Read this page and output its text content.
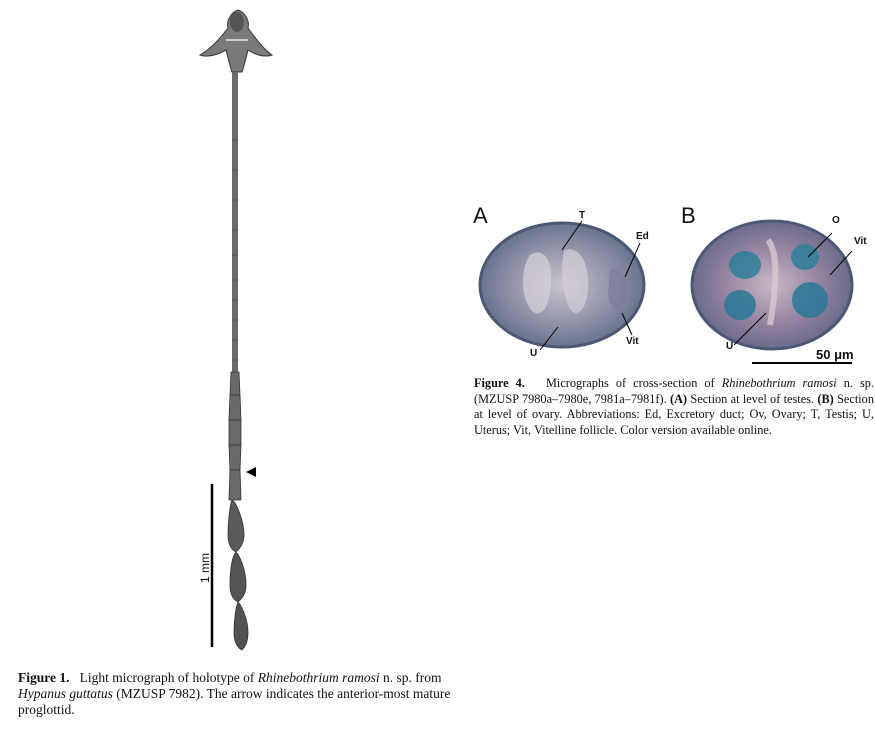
1 mm
Figure 1. Light micrograph of holotype of Rhinebothrium ramosi n. sp. from Hypanus guttatus (MZUSP 7982). The arrow indicates the anterior-most mature proglottid.
A	B
T
Ed
U
Vit
O
Vit
U
50 μm
Figure 4. Micrographs of cross-section of Rhinebothrium ramosi n. sp. (MZUSP 7980a–7980e, 7981a–7981f). (A) Section at level of testes. (B) Section at level of ovary. Abbreviations: Ed, Excretory duct; Ov, Ovary; T, Testis; U, Uterus; Vit, Vitelline follicle. Color version available online.
